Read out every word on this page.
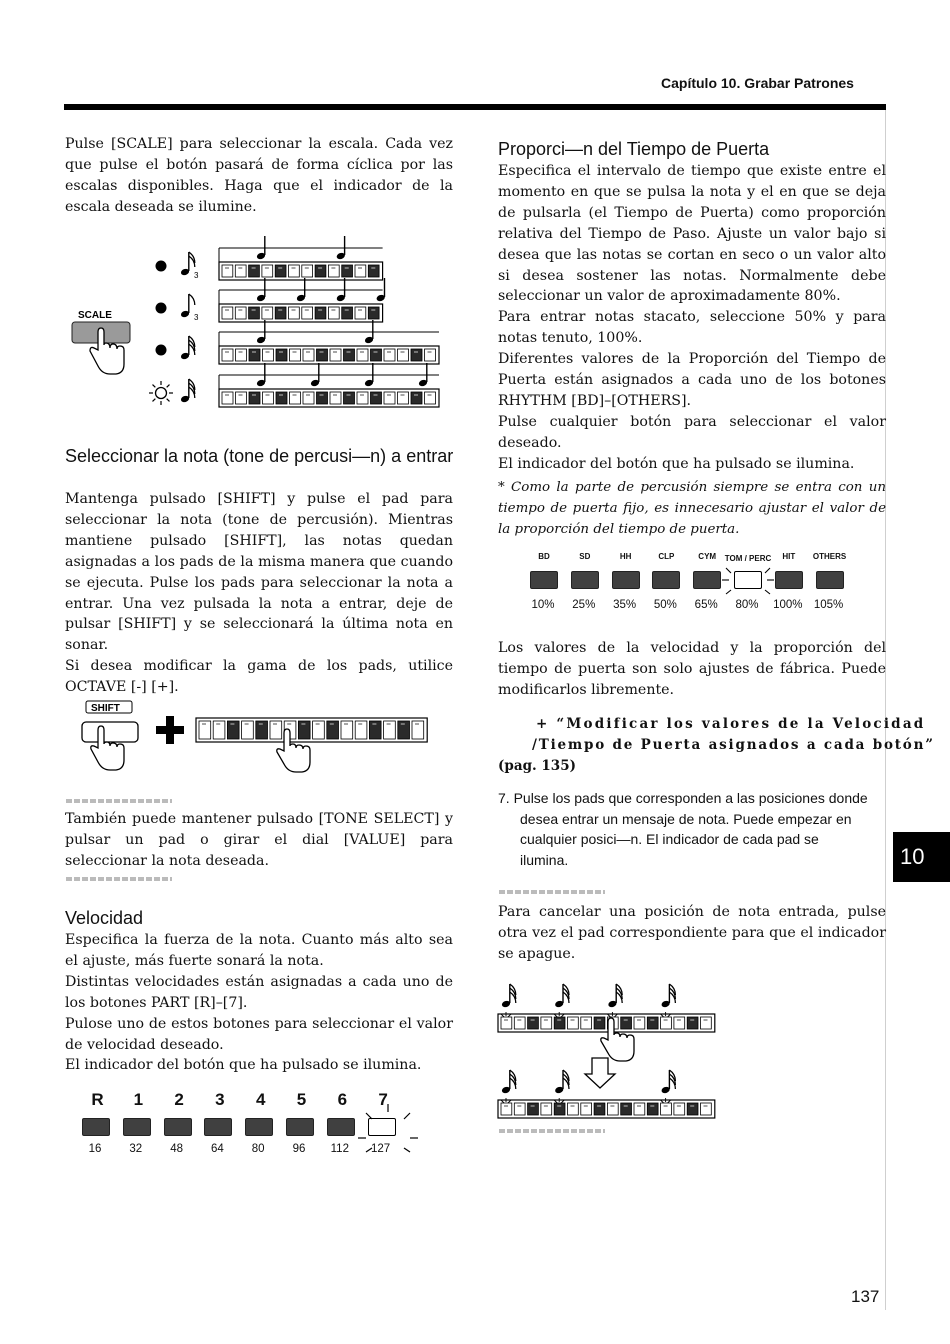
Capítulo 10. Grabar Patrones
10
137

Pulse [SCALE] para seleccionar la escala. Cada vez que pulse el botón pasará de forma cíclica por las escalas disponibles. Haga que el indicador de la escala deseada se ilumine.

SCALE
3
3
Seleccionar la nota (tone de percusi—n) a entrar

Mantenga pulsado [SHIFT] y pulse el pad para seleccionar la nota (tone de percusión). Mientras mantiene pulsado [SHIFT], las notas quedan asignadas a los pads de la misma manera que cuando se ejecuta. Pulse los pads para seleccionar la nota a entrar. Una vez pulsada la nota a entrar, deje de pulsar [SHIFT] y se seleccionará la última nota en sonar.

Si desea modificar la gama de los pads, utilice OCTAVE [-] [+].

SHIFT

También puede mantener pulsado [TONE SELECT] y pulsar un pad o girar el dial [VALUE] para seleccionar la nota deseada.

Velocidad

Especifica la fuerza de la nota. Cuanto más alto sea el ajuste, más fuerte sonará la nota.

Distintas velocidades están asignadas a cada uno de los botones PART [R]–[7].

Pulose uno de estos botones para seleccionar el valor de velocidad deseado.

El indicador del botón que ha pulsado se ilumina.

R
16
1
32
2
48
3
64
4
80
5
96
6
112
7
127
Proporci—n del Tiempo de Puerta

Especifica el intervalo de tiempo que existe entre el momento en que se pulsa la nota y el en que se deja de pulsarla (el Tiempo de Puerta) como proporción relativa del Tiempo de Paso. Ajuste un valor bajo si desea que las notas se cortan en seco o un valor alto si desea sostener las notas. Normalmente debe seleccionar un valor de aproximadamente 80%.

Para entrar notas stacato, seleccione 50% y para notas tenuto, 100%.

Diferentes valores de la Proporción del Tiempo de Puerta están asignados a cada uno de los botones RHYTHM [BD]–[OTHERS].

Pulse cualquier botón para seleccionar el valor deseado.

El indicador del botón que ha pulsado se ilumina.

* Como la parte de percusión siempre se entra con un tiempo de puerta fijo, es innecesario ajustar el valor de la proporción del tiempo de puerta.
BD
10%
SD
25%
HH
35%
CLP
50%
CYM
65%
TOM / PERC
80%
HIT
100%
OTHERS
105%
Los valores de la velocidad y la proporción del tiempo de puerta son solo ajustes de fábrica. Puede modificarlos libremente.
+ “Modificar los valores de la Velocidad
/Tiempo de Puerta asignados a cada botón”
(pag. 135)
7. Pulse los pads que corresponden a las posiciones donde desea entrar un mensaje de nota. Puede empezar en cualquier posici—n. El indicador de cada pad se ilumina.
Para cancelar una posición de nota entrada, pulse otra vez el pad correspondiente para que el indicador se apague.
